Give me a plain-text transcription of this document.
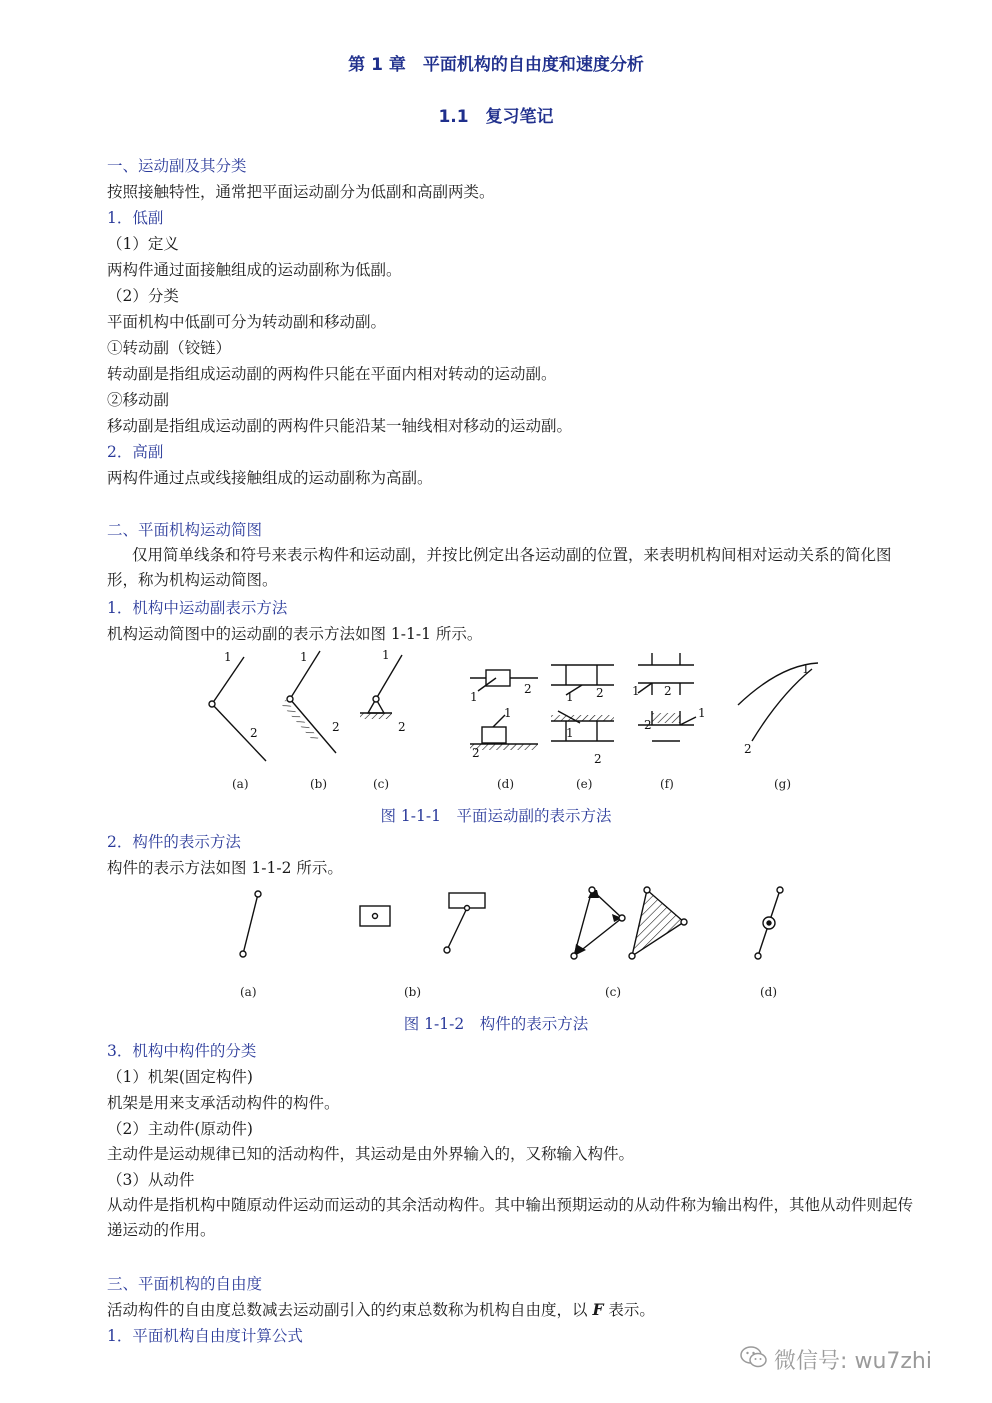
第 1 章　平面机构的自由度和速度分析
1.1　复习笔记
一、运动副及其分类
按照接触特性，通常把平面运动副分为低副和高副两类。
1．低副
（1）定义
两构件通过面接触组成的运动副称为低副。
（2）分类
平面机构中低副可分为转动副和移动副。
①转动副（铰链）
转动副是指组成运动副的两构件只能在平面内相对转动的运动副。
②移动副
移动副是指组成运动副的两构件只能沿某一轴线相对移动的运动副。
2．高副
两构件通过点或线接触组成的运动副称为高副。
二、平面机构运动简图
仅用简单线条和符号来表示构件和运动副，并按比例定出各运动副的位置，来表明机构间相对运动关系的简化图形，称为机构运动简图。
1．机构中运动副表示方法
机构运动简图中的运动副的表示方法如图 1-1-1 所示。
1
2
1
2
1
2
1
2
1
2
1 2
1
2
1 2
1
2
1
2
(a)	(b)	(c)	(d)	(e)	(f)	(g)
图 1-1-1　平面运动副的表示方法
2．构件的表示方法
构件的表示方法如图 1-1-2 所示。
(a)	(b)	(c)	(d)
图 1-1-2　构件的表示方法
3．机构中构件的分类
（1）机架(固定构件)
机架是用来支承活动构件的构件。
（2）主动件(原动件)
主动件是运动规律已知的活动构件，其运动是由外界输入的，又称输入构件。
（3）从动件
从动件是指机构中随原动件运动而运动的其余活动构件。其中输出预期运动的从动件称为输出构件，其他从动件则起传递运动的作用。
三、平面机构的自由度
活动构件的自由度总数减去运动副引入的约束总数称为机构自由度，以 F 表示。
1．平面机构自由度计算公式
微信号: wu7zhi
